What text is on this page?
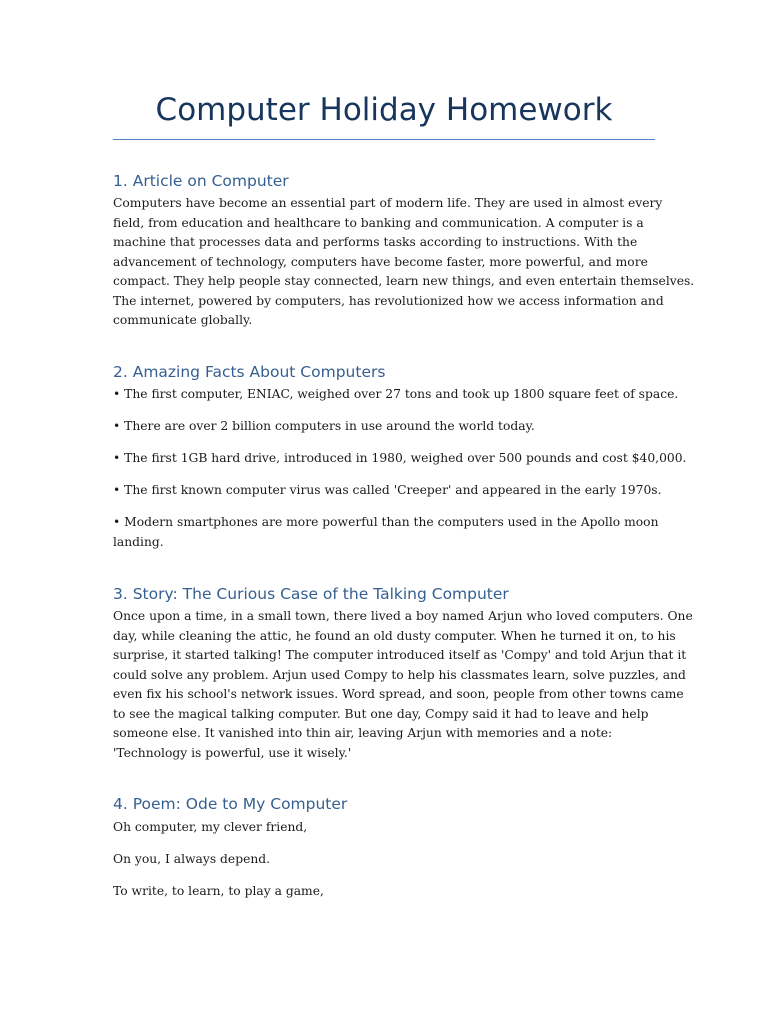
Computer Holiday Homework
1. Article on Computer
Computers have become an essential part of modern life. They are used in almost every
field, from education and healthcare to banking and communication. A computer is a
machine that processes data and performs tasks according to instructions. With the
advancement of technology, computers have become faster, more powerful, and more
compact. They help people stay connected, learn new things, and even entertain themselves.
The internet, powered by computers, has revolutionized how we access information and
communicate globally.
2. Amazing Facts About Computers
• The first computer, ENIAC, weighed over 27 tons and took up 1800 square feet of space.
• There are over 2 billion computers in use around the world today.
• The first 1GB hard drive, introduced in 1980, weighed over 500 pounds and cost $40,000.
• The first known computer virus was called 'Creeper' and appeared in the early 1970s.
• Modern smartphones are more powerful than the computers used in the Apollo moon
landing.
3. Story: The Curious Case of the Talking Computer
Once upon a time, in a small town, there lived a boy named Arjun who loved computers. One
day, while cleaning the attic, he found an old dusty computer. When he turned it on, to his
surprise, it started talking! The computer introduced itself as 'Compy' and told Arjun that it
could solve any problem. Arjun used Compy to help his classmates learn, solve puzzles, and
even fix his school's network issues. Word spread, and soon, people from other towns came
to see the magical talking computer. But one day, Compy said it had to leave and help
someone else. It vanished into thin air, leaving Arjun with memories and a note:
'Technology is powerful, use it wisely.'
4. Poem: Ode to My Computer
Oh computer, my clever friend,
On you, I always depend.
To write, to learn, to play a game,
